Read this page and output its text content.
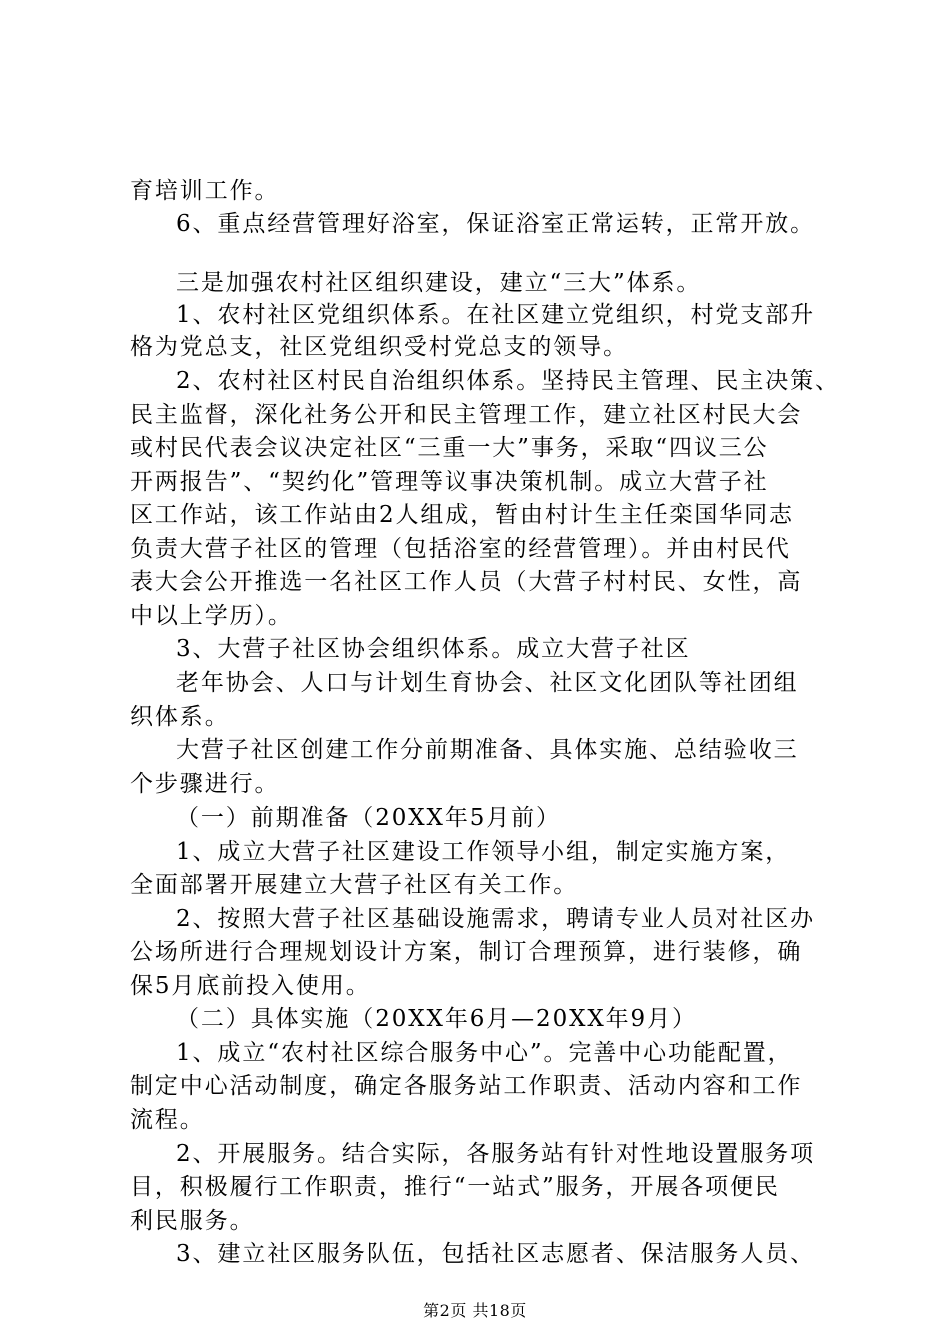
育培训工作。
6、重点经营管理好浴室，保证浴室正常运转，正常开放。
三是加强农村社区组织建设，建立“三大”体系。
1、农村社区党组织体系。在社区建立党组织，村党支部升
格为党总支，社区党组织受村党总支的领导。
2、农村社区村民自治组织体系。坚持民主管理、民主决策、
民主监督，深化社务公开和民主管理工作，建立社区村民大会
或村民代表会议决定社区“三重一大”事务，采取“四议三公
开两报告”、“契约化”管理等议事决策机制。成立大营子社
区工作站，该工作站由2人组成，暂由村计生主任栾国华同志
负责大营子社区的管理（包括浴室的经营管理）。并由村民代
表大会公开推选一名社区工作人员（大营子村村民、女性，高
中以上学历）。
3、大营子社区协会组织体系。成立大营子社区
老年协会、人口与计划生育协会、社区文化团队等社团组
织体系。
大营子社区创建工作分前期准备、具体实施、总结验收三
个步骤进行。
（一）前期准备（20XX年5月前）
1、成立大营子社区建设工作领导小组，制定实施方案，
全面部署开展建立大营子社区有关工作。
2、按照大营子社区基础设施需求，聘请专业人员对社区办
公场所进行合理规划设计方案，制订合理预算，进行装修，确
保5月底前投入使用。
（二）具体实施（20XX年6月—20XX年9月）
1、成立“农村社区综合服务中心”。完善中心功能配置，
制定中心活动制度，确定各服务站工作职责、活动内容和工作
流程。
2、开展服务。结合实际，各服务站有针对性地设置服务项
目，积极履行工作职责，推行“一站式”服务，开展各项便民
利民服务。
3、建立社区服务队伍，包括社区志愿者、保洁服务人员、
第2页 共18页
